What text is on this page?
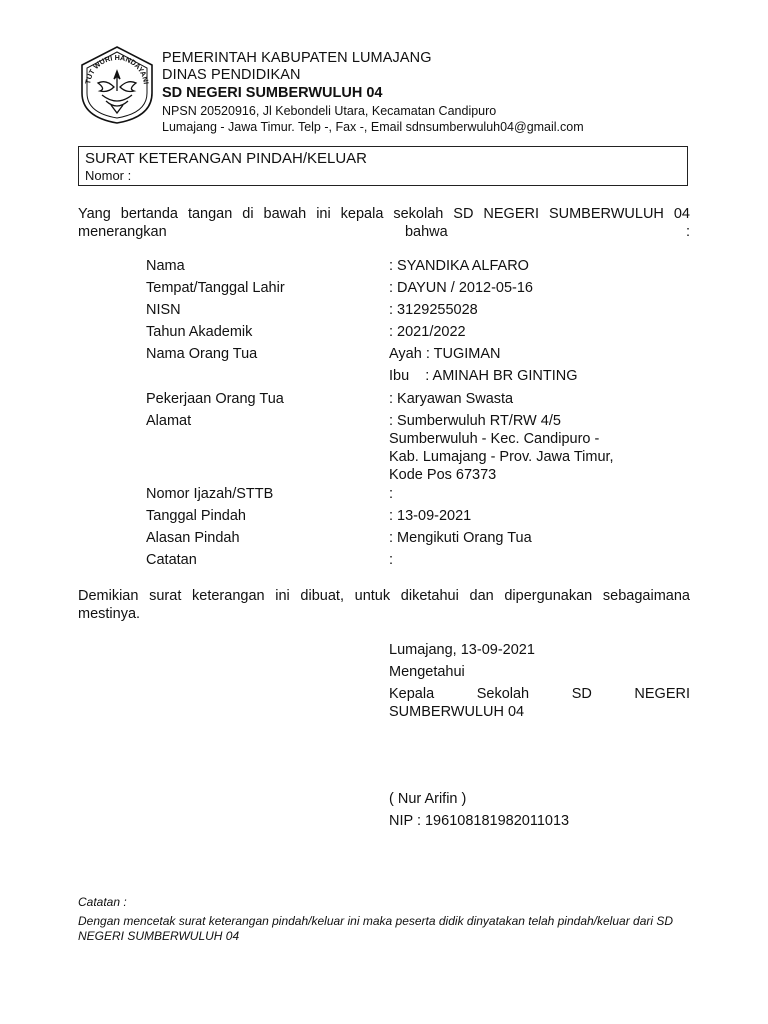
TUT WURI HANDAYANI
PEMERINTAH KABUPATEN LUMAJANG
DINAS PENDIDIKAN
SD NEGERI SUMBERWULUH 04
NPSN 20520916, Jl Kebondeli Utara, Kecamatan Candipuro
Lumajang - Jawa Timur. Telp -, Fax -, Email sdnsumberwuluh04@gmail.com
SURAT KETERANGAN PINDAH/KELUAR
Nomor :
Yang bertanda tangan di bawah ini kepala sekolah SD NEGERI SUMBERWULUH 04 menerangkan bahwa :
Nama	: SYANDIKA ALFARO
Tempat/Tanggal Lahir	: DAYUN / 2012-05-16
NISN	: 3129255028
Tahun Akademik	: 2021/2022
Nama Orang Tua	Ayah : TUGIMAN
Ibu    : AMINAH BR GINTING
Pekerjaan Orang Tua	: Karyawan Swasta
Alamat	: Sumberwuluh RT/RW 4/5 Sumberwuluh - Kec. Candipuro - Kab. Lumajang - Prov. Jawa Timur, Kode Pos 67373
Nomor Ijazah/STTB	:
Tanggal Pindah	: 13-09-2021
Alasan Pindah	: Mengikuti Orang Tua
Catatan	:
Demikian surat keterangan ini dibuat, untuk diketahui dan dipergunakan sebagaimana mestinya.
Lumajang, 13-09-2021
Mengetahui
Kepala	Sekolah	SD	NEGERI
SUMBERWULUH 04
( Nur Arifin )
NIP : 196108181982011013
Catatan :
Dengan mencetak surat keterangan pindah/keluar ini maka peserta didik dinyatakan telah pindah/keluar dari SD NEGERI SUMBERWULUH 04
